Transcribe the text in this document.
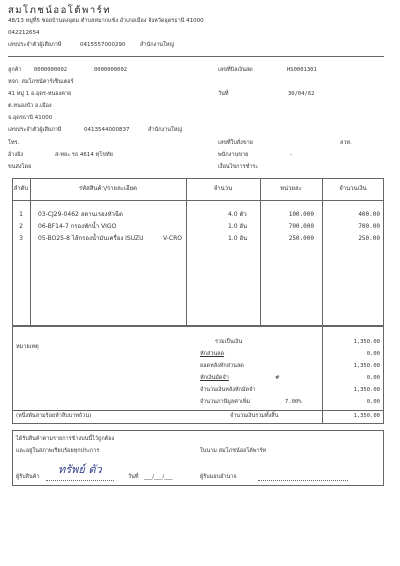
สมโภชน์ออโต้พาร์ท
48/13 หมู่ที่5 ซอยบ้านดงอุดม ตำบลหมากแข้ง อำเภอเมือง จังหวัดอุดรธานี 41000
042212654
เลขประจำตัวผู้เสียภาษี	0415557000290	สำนักงานใหญ่
ลูกค้า 0000000002	0000000002
หจก. สมโภชน์คาร์เซ็นเตอร์
41 หมู่ 1 อ.อุดร-หนองคาย
ต.หนองบัว อ.เมือง
จ.อุดรธานี 41000
เลขประจำตัวผู้เสียภาษี	0413544000837	สำนักงานใหญ่
โทร.
อ้างอิง	ส-ทยะ รถ 4614 ทุโขทัย
ขนส่งโดย
เลขที่บิลเงินสด	HS0001301
วันที่	30/04/62
เลขที่ใบสั่งขาย	ลวท.
พนักงานขาย	-
เงื่อนไขการชำระ
ลำดับ	รหัสสินค้า/รายละเอียด	จำนวน	หน่วยละ	จำนวนเงิน
1	03-CJ29-0462 ลดานเรองหัวฉีด	4.0 ตัว	100.000	400.00
2	06-BF14-7 กรองพักน้ำ VIGO	1.0 อัน	700.000	700.00
3	05-BO25-8 ไส้กรองน้ำมันเครื่อง ISUZU	V-CRO	1.0 อัน	250.000	250.00
หมายเหตุ
รวมเป็นเงิน	1,350.00
หักส่วนลด	0.00
ยอดหลังหักส่วนลด	1,350.00
หักเงินมัดจำ	#	0.00
จำนวนเงินหลังหักมัดจำ	1,350.00
จำนวนภาษีมูลค่าเพิ่ม	7.00%	0.00
(หนึ่งพันสามร้อยห้าสิบบาทถ้วน)	จำนวนเงินรวมทั้งสิ้น	1,350.00
ได้รับสินค้าตามรายการข้างบนนี้ไว้ถูกต้อง
และอยู่ในสภาพเรียบร้อยทุกประการ	ในนาม สมโภชน์ออโต้พาร์ท
ผู้รับสินค้า
ทรัพย์ ตัว
วันที่ ___/___/___	ผู้รับมอบอำนาจ
